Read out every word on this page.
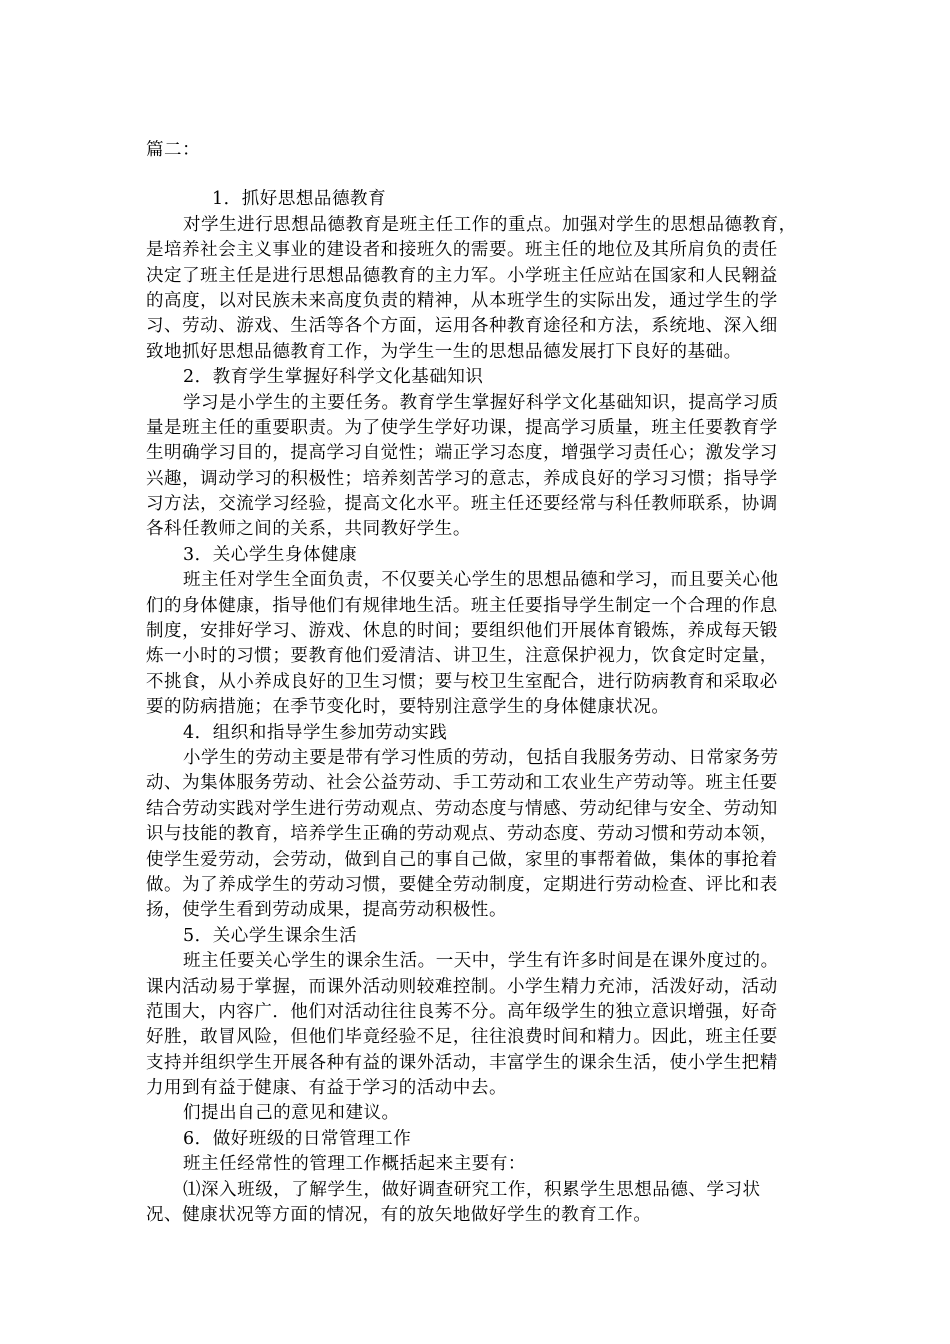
篇二：
1．抓好思想品德教育
对学生进行思想品德教育是班主任工作的重点。加强对学生的思想品德教育，
是培养社会主义事业的建设者和接班久的需要。班主任的地位及其所肩负的责任
决定了班主任是进行思想品德教育的主力军。小学班主任应站在国家和人民翱益
的高度，以对民族未来高度负责的精神，从本班学生的实际出发，通过学生的学
习、劳动、游戏、生活等各个方面，运用各种教育途径和方法，系统地、深入细
致地抓好思想品德教育工作，为学生一生的思想品德发展打下良好的基础。
2．教育学生掌握好科学文化基础知识
学习是小学生的主要任务。教育学生掌握好科学文化基础知识，提高学习质
量是班主任的重要职责。为了使学生学好功课，提高学习质量，班主任要教育学
生明确学习目的，提高学习自觉性；端正学习态度，增强学习责任心；激发学习
兴趣，调动学习的积极性；培养刻苦学习的意志，养成良好的学习习惯；指导学
习方法，交流学习经验，提高文化水平。班主任还要经常与科任教师联系，协调
各科任教师之间的关系，共同教好学生。
3．关心学生身体健康
班主任对学生全面负责，不仅要关心学生的思想品德和学习，而且要关心他
们的身体健康，指导他们有规律地生活。班主任要指导学生制定一个合理的作息
制度，安排好学习、游戏、休息的时间；要组织他们开展体育锻炼，养成每天锻
炼一小时的习惯；要教育他们爱清洁、讲卫生，注意保护视力，饮食定时定量，
不挑食，从小养成良好的卫生习惯；要与校卫生室配合，进行防病教育和采取必
要的防病措施；在季节变化时，要特别注意学生的身体健康状况。
4．组织和指导学生参加劳动实践
小学生的劳动主要是带有学习性质的劳动，包括自我服务劳动、日常家务劳
动、为集体服务劳动、社会公益劳动、手工劳动和工农业生产劳动等。班主任要
结合劳动实践对学生进行劳动观点、劳动态度与情感、劳动纪律与安全、劳动知
识与技能的教育，培养学生正确的劳动观点、劳动态度、劳动习惯和劳动本领，
使学生爱劳动，会劳动，做到自己的事自己做，家里的事帮着做，集体的事抢着
做。为了养成学生的劳动习惯，要健全劳动制度，定期进行劳动检查、评比和表
扬，使学生看到劳动成果，提高劳动积极性。
5．关心学生课余生活
班主任要关心学生的课余生活。一天中，学生有许多时间是在课外度过的。
课内活动易于掌握，而课外活动则较难控制。小学生精力充沛，活泼好动，活动
范围大，内容广．他们对活动往往良莠不分。高年级学生的独立意识增强，好奇
好胜，敢冒风险，但他们毕竟经验不足，往往浪费时间和精力。因此，班主任要
支持并组织学生开展各种有益的课外活动，丰富学生的课余生活，使小学生把精
力用到有益于健康、有益于学习的活动中去。
们提出自己的意见和建议。
6．做好班级的日常管理工作
班主任经常性的管理工作概括起来主要有：
⑴深入班级，了解学生，做好调查研究工作，积累学生思想品德、学习状
况、健康状况等方面的情况，有的放矢地做好学生的教育工作。
